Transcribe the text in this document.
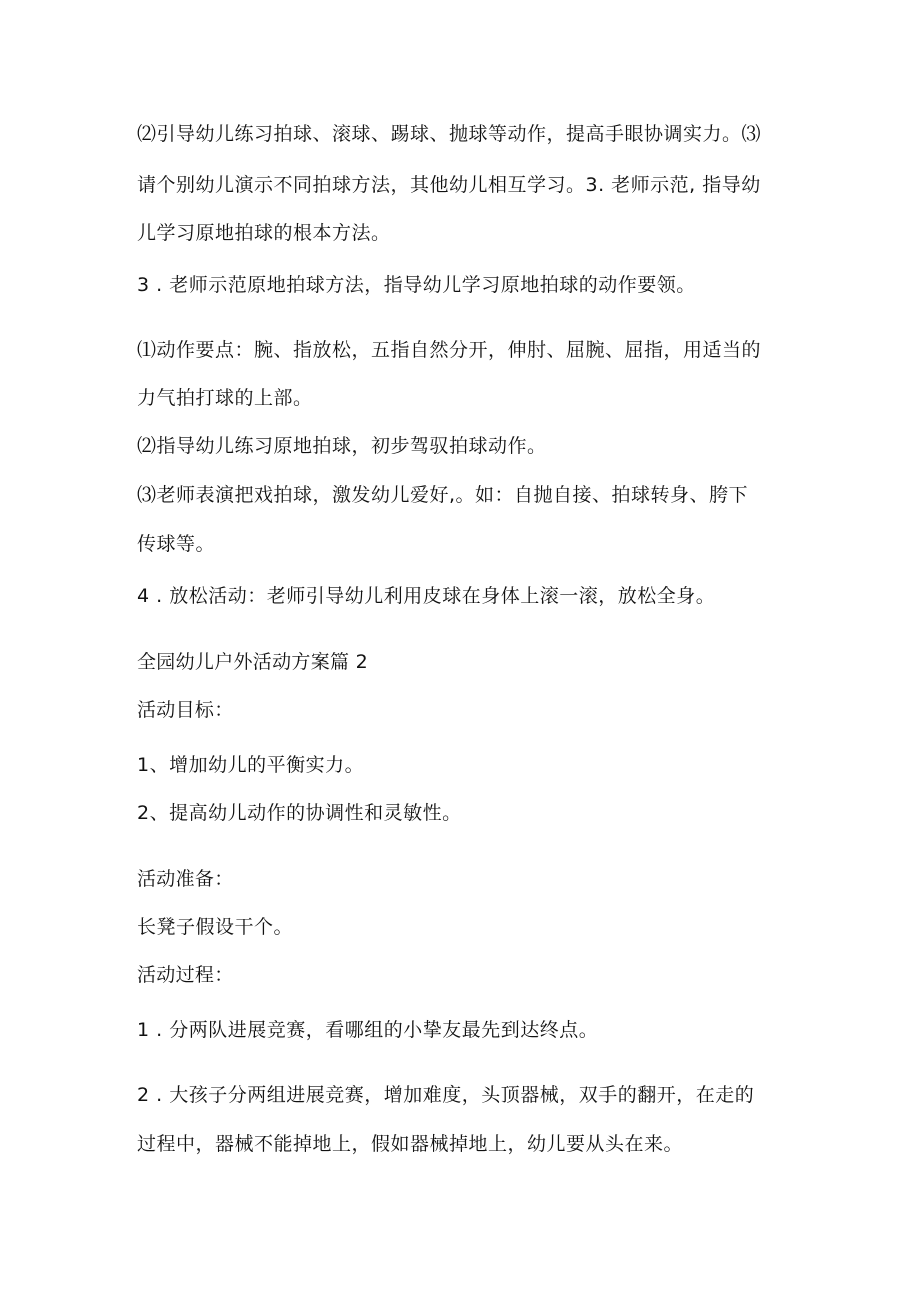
⑵引导幼儿练习拍球、滚球、踢球、抛球等动作，提高手眼协调实力。⑶
请个别幼儿演示不同拍球方法，其他幼儿相互学习。3. 老师示范, 指导幼
儿学习原地拍球的根本方法。
3 . 老师示范原地拍球方法，指导幼儿学习原地拍球的动作要领。
⑴动作要点：腕、指放松，五指自然分开，伸肘、屈腕、屈指，用适当的
力气拍打球的上部。
⑵指导幼儿练习原地拍球，初步驾驭拍球动作。
⑶老师表演把戏拍球，激发幼儿爱好,。如：自抛自接、拍球转身、胯下
传球等。
4 . 放松活动：老师引导幼儿利用皮球在身体上滚一滚，放松全身。
全园幼儿户外活动方案篇 2
活动目标：
1、增加幼儿的平衡实力。
2、提高幼儿动作的协调性和灵敏性。
活动准备：
长凳子假设干个。
活动过程：
1 . 分两队进展竞赛，看哪组的小挚友最先到达终点。
2 . 大孩子分两组进展竞赛，增加难度，头顶器械，双手的翻开，在走的
过程中，器械不能掉地上，假如器械掉地上，幼儿要从头在来。
